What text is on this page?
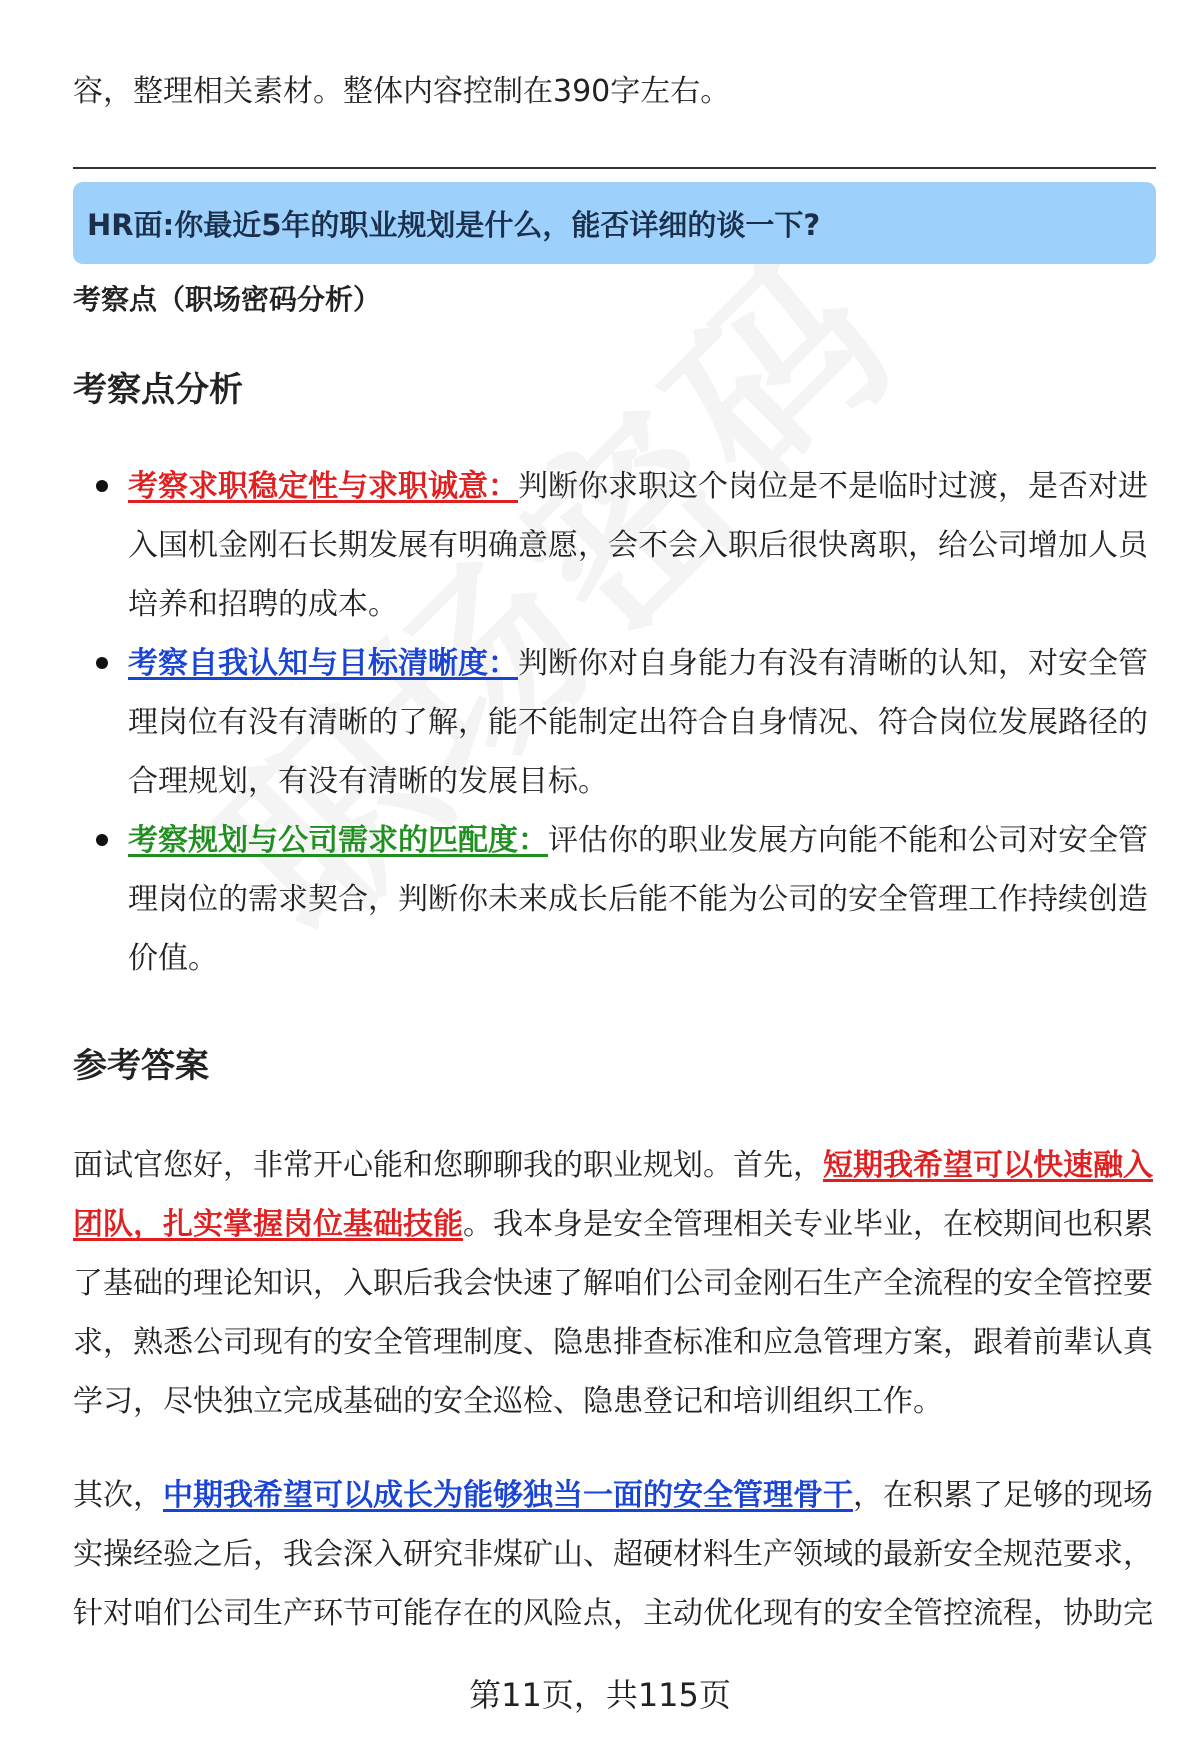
容，整理相关素材。整体内容控制在390字左右。

HR面:你最近5年的职业规划是什么，能否详细的谈一下?
考察点（职场密码分析）
考察点分析
考察求职稳定性与求职诚意：判断你求职这个岗位是不是临时过渡，是否对进入国机金刚石长期发展有明确意愿，会不会入职后很快离职，给公司增加人员培养和招聘的成本。
考察自我认知与目标清晰度：判断你对自身能力有没有清晰的认知，对安全管理岗位有没有清晰的了解，能不能制定出符合自身情况、符合岗位发展路径的合理规划，有没有清晰的发展目标。
考察规划与公司需求的匹配度：评估你的职业发展方向能不能和公司对安全管理岗位的需求契合，判断你未来成长后能不能为公司的安全管理工作持续创造价值。
参考答案

面试官您好，非常开心能和您聊聊我的职业规划。首先，短期我希望可以快速融入团队，扎实掌握岗位基础技能。我本身是安全管理相关专业毕业，在校期间也积累了基础的理论知识，入职后我会快速了解咱们公司金刚石生产全流程的安全管控要求，熟悉公司现有的安全管理制度、隐患排查标准和应急管理方案，跟着前辈认真学习，尽快独立完成基础的安全巡检、隐患登记和培训组织工作。

其次，中期我希望可以成长为能够独当一面的安全管理骨干，在积累了足够的现场实操经验之后，我会深入研究非煤矿山、超硬材料生产领域的最新安全规范要求，针对咱们公司生产环节可能存在的风险点，主动优化现有的安全管控流程，协助完

第11页，共115页
